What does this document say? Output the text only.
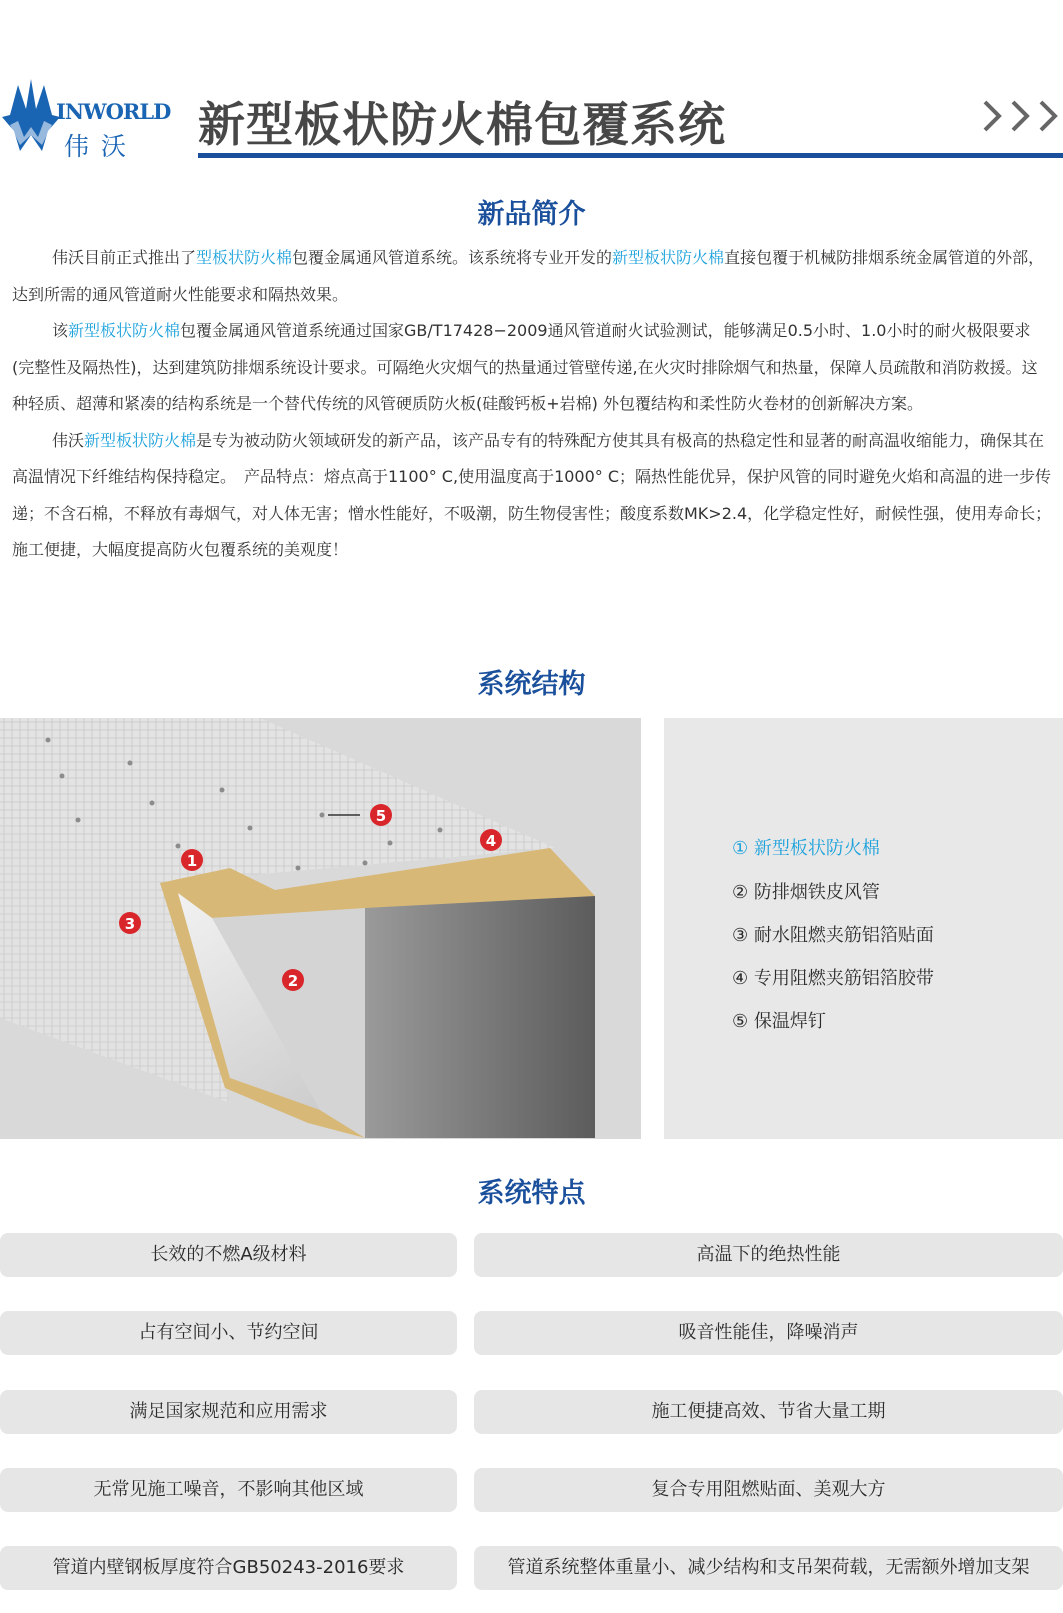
INWORLD
伟沃 新型板状防火棉包覆系统
新品简介

伟沃目前正式推出了型板状防火棉包覆金属通风管道系统。该系统将专业开发的新型板状防火棉直接包覆于机械防排烟系统金属管道的外部，达到所需的通风管道耐火性能要求和隔热效果。

该新型板状防火棉包覆金属通风管道系统通过国家GB/T17428−2009通风管道耐火试验测试，能够满足0.5小时、1.0小时的耐火极限要求(完整性及隔热性)，达到建筑防排烟系统设计要求。可隔绝火灾烟气的热量通过管壁传递,在火灾时排除烟气和热量，保障人员疏散和消防救援。这种轻质、超薄和紧凑的结构系统是一个替代传统的风管硬质防火板(硅酸钙板+岩棉) 外包覆结构和柔性防火卷材的创新解决方案。

伟沃新型板状防火棉是专为被动防火领域研发的新产品，该产品专有的特殊配方使其具有极高的热稳定性和显著的耐高温收缩能力，确保其在高温情况下纤维结构保持稳定。　产品特点：熔点高于1100° C,使用温度高于1000° C；隔热性能优异，保护风管的同时避免火焰和高温的进一步传递；不含石棉，不释放有毒烟气，对人体无害；憎水性能好，不吸潮，防生物侵害性；酸度系数MK>2.4，化学稳定性好，耐候性强，使用寿命长；施工便捷，大幅度提高防火包覆系统的美观度！

系统结构
1
2
3
4
5
① 新型板状防火棉
② 防排烟铁皮风管
③ 耐水阻燃夹筋铝箔贴面
④ 专用阻燃夹筋铝箔胶带
⑤ 保温焊钉
系统特点
长效的不燃A级材料	高温下的绝热性能
占有空间小、节约空间	吸音性能佳，降噪消声
满足国家规范和应用需求	施工便捷高效、节省大量工期
无常见施工噪音，不影响其他区域	复合专用阻燃贴面、美观大方
管道内壁钢板厚度符合GB50243-2016要求	管道系统整体重量小、减少结构和支吊架荷载，无需额外增加支架
